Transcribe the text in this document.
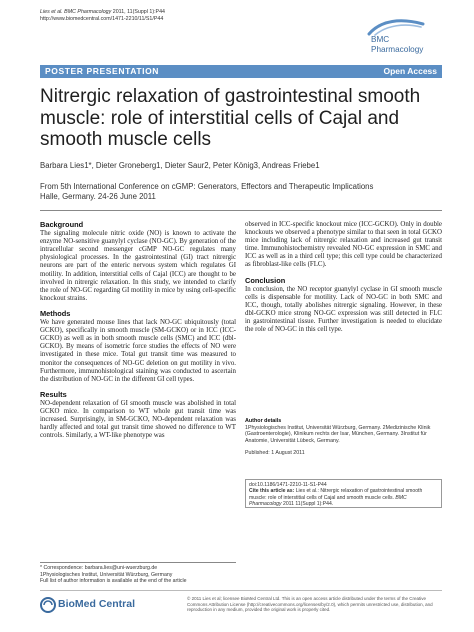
Lies et al. BMC Pharmacology 2011, 11(Suppl 1):P44
http://www.biomedcentral.com/1471-2210/11/S1/P44
BMC
Pharmacology
POSTER PRESENTATION	Open Access
Nitrergic relaxation of gastrointestinal smooth muscle: role of interstitial cells of Cajal and smooth muscle cells
Barbara Lies1*, Dieter Groneberg1, Dieter Saur2, Peter König3, Andreas Friebe1
From 5th International Conference on cGMP: Generators, Effectors and Therapeutic Implications
Halle, Germany. 24-26 June 2011
Background

The signaling molecule nitric oxide (NO) is known to activate the enzyme NO-sensitive guanylyl cyclase (NO-GC). By generation of the intracellular second messenger cGMP NO-GC regulates many physiological processes. In the gastrointestinal (GI) tract nitrergic neurons are part of the enteric nervous system which regulates GI motility. In addition, interstitial cells of Cajal (ICC) are thought to be involved in nitrergic relaxation. In this study, we intended to clarify the role of NO-GC regarding GI motility in mice by using cell-specific knockout strains.

Methods

We have generated mouse lines that lack NO-GC ubiquitously (total GCKO), specifically in smooth muscle (SM-GCKO) or in ICC (ICC-GCKO) as well as in both smooth muscle cells (SMC) and ICC (dbl-GCKO). By means of isometric force studies the effects of NO were investigated in these mice. Total gut transit time was measured to monitor the consequences of NO-GC deletion on gut motility in vivo. Furthermore, immunohistological staining was conducted to ascertain the distribution of NO-GC in the different GI cell types.

Results

NO-dependent relaxation of GI smooth muscle was abolished in total GCKO mice. In comparison to WT whole gut transit time was increased. Surprisingly, in SM-GCKO, NO-dependent relaxation was hardly affected and total gut transit time showed no difference to WT controls. Similarly, a WT-like phenotype was

observed in ICC-specific knockout mice (ICC-GCKO). Only in double knockouts we observed a phenotype similar to that seen in total GCKO mice including lack of nitrergic relaxation and increased gut transit time. Immunohistochemistry revealed NO-GC expression in SMC and ICC as well as in a third cell type; this cell type could be characterized as fibroblast-like cells (FLC).

Conclusion

In conclusion, the NO receptor guanylyl cyclase in GI smooth muscle cells is dispensable for motility. Lack of NO-GC in both SMC and ICC, though, totally abolishes nitrergic signaling. However, in these dbl-GCKO mice strong NO-GC expression was still detected in FLC in gastrointestinal tissue. Further investigation is needed to elucidate the role of NO-GC in this cell type.

Author details
1Physiologisches Institut, Universität Würzburg, Germany. 2Medizinische Klinik (Gastroenterologie), Klinikum rechts der Isar, München, Germany. 3Institut für Anatomie, Universität Lübeck, Germany.
Published: 1 August 2011
doi:10.1186/1471-2210-11-S1-P44
Cite this article as: Lies et al.: Nitrergic relaxation of gastrointestinal smooth muscle: role of interstitial cells of Cajal and smooth muscle cells. BMC Pharmacology 2011 11(Suppl 1):P44.
* Correspondence: barbara.lies@uni-wuerzburg.de
1Physiologisches Institut, Universität Würzburg, Germany
Full list of author information is available at the end of the article
BioMed Central	© 2011 Lies et al; licensee BioMed Central Ltd. This is an open access article distributed under the terms of the Creative Commons Attribution License (http://creativecommons.org/licenses/by/2.0), which permits unrestricted use, distribution, and reproduction in any medium, provided the original work is properly cited.
